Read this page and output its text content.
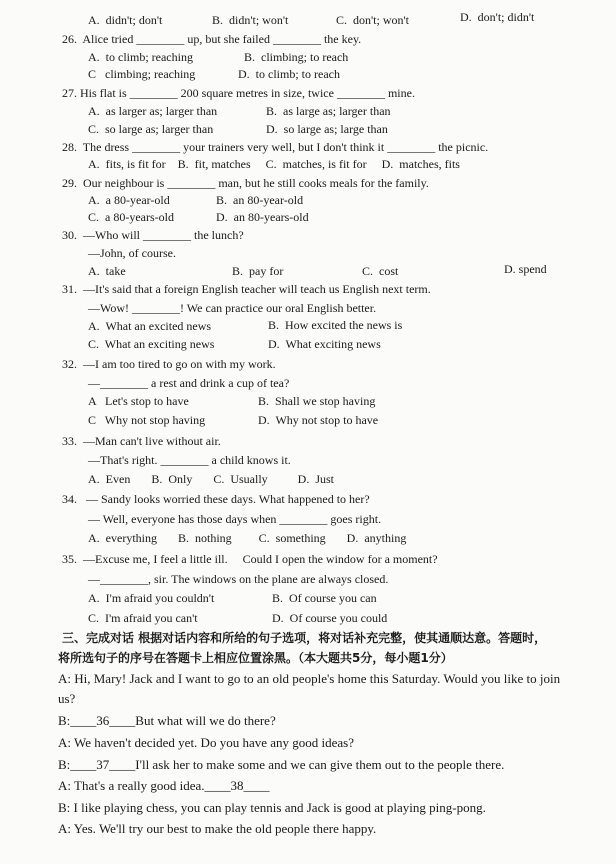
A.  didn't; don't	B.  didn't; won't	C.  don't; won't	D.  don't; didn't
26.  Alice tried ________ up, but she failed ________ the key.
A.  to climb; reaching	B.  climbing; to reach
C   climbing; reaching	D.  to climb; to reach
27. His flat is ________ 200 square metres in size, twice ________ mine.
A.  as larger as; larger than	B.  as large as; larger than
C.  so large as; larger than	D.  so large as; large than
28.  The dress ________ your trainers very well, but I don't think it ________ the picnic.
A.  fits, is fit for    B.  fit, matches     C.  matches, is fit for     D.  matches, fits
29.  Our neighbour is ________ man, but he still cooks meals for the family.
A.  a 80-year-old	B.  an 80-year-old
C.  a 80-years-old	D.  an 80-years-old
30.  —Who will ________ the lunch?
—John, of course.
A.  take	B.  pay for	C.  cost	D. spend
31.  —It's said that a foreign English teacher will teach us English next term.
—Wow! ________! We can practice our oral English better.
A.  What an excited news	B.  How excited the news is
C.  What an exciting news	D.  What exciting news
32.  —I am too tired to go on with my work.
—________ a rest and drink a cup of tea?
A   Let's stop to have	B.  Shall we stop having
C   Why not stop having	D.  Why not stop to have
33.  —Man can't live without air.
—That's right. ________ a child knows it.
A.  Even       B.  Only       C.  Usually          D.  Just
34.   — Sandy looks worried these days. What happened to her?
— Well, everyone has those days when ________ goes right.
A.  everything       B.  nothing         C.  something       D.  anything
35.  —Excuse me, I feel a little ill.     Could I open the window for a moment?
—________, sir. The windows on the plane are always closed.
A.  I'm afraid you couldn't	B.  Of course you can
C.  I'm afraid you can't	D.  Of course you could
三、完成对话 根据对话内容和所给的句子选项，将对话补充完整，使其通顺达意。答题时，
将所选句子的序号在答题卡上相应位置涂黑。（本大题共5分，每小题1分）
A: Hi, Mary! Jack and I want to go to an old people's home this Saturday. Would you like to join
us?
B:____36____But what will we do there?
A: We haven't decided yet. Do you have any good ideas?
B:____37____I'll ask her to make some and we can give them out to the people there.
A: That's a really good idea.____38____
B: I like playing chess, you can play tennis and Jack is good at playing ping-pong.
A: Yes. We'll try our best to make the old people there happy.
